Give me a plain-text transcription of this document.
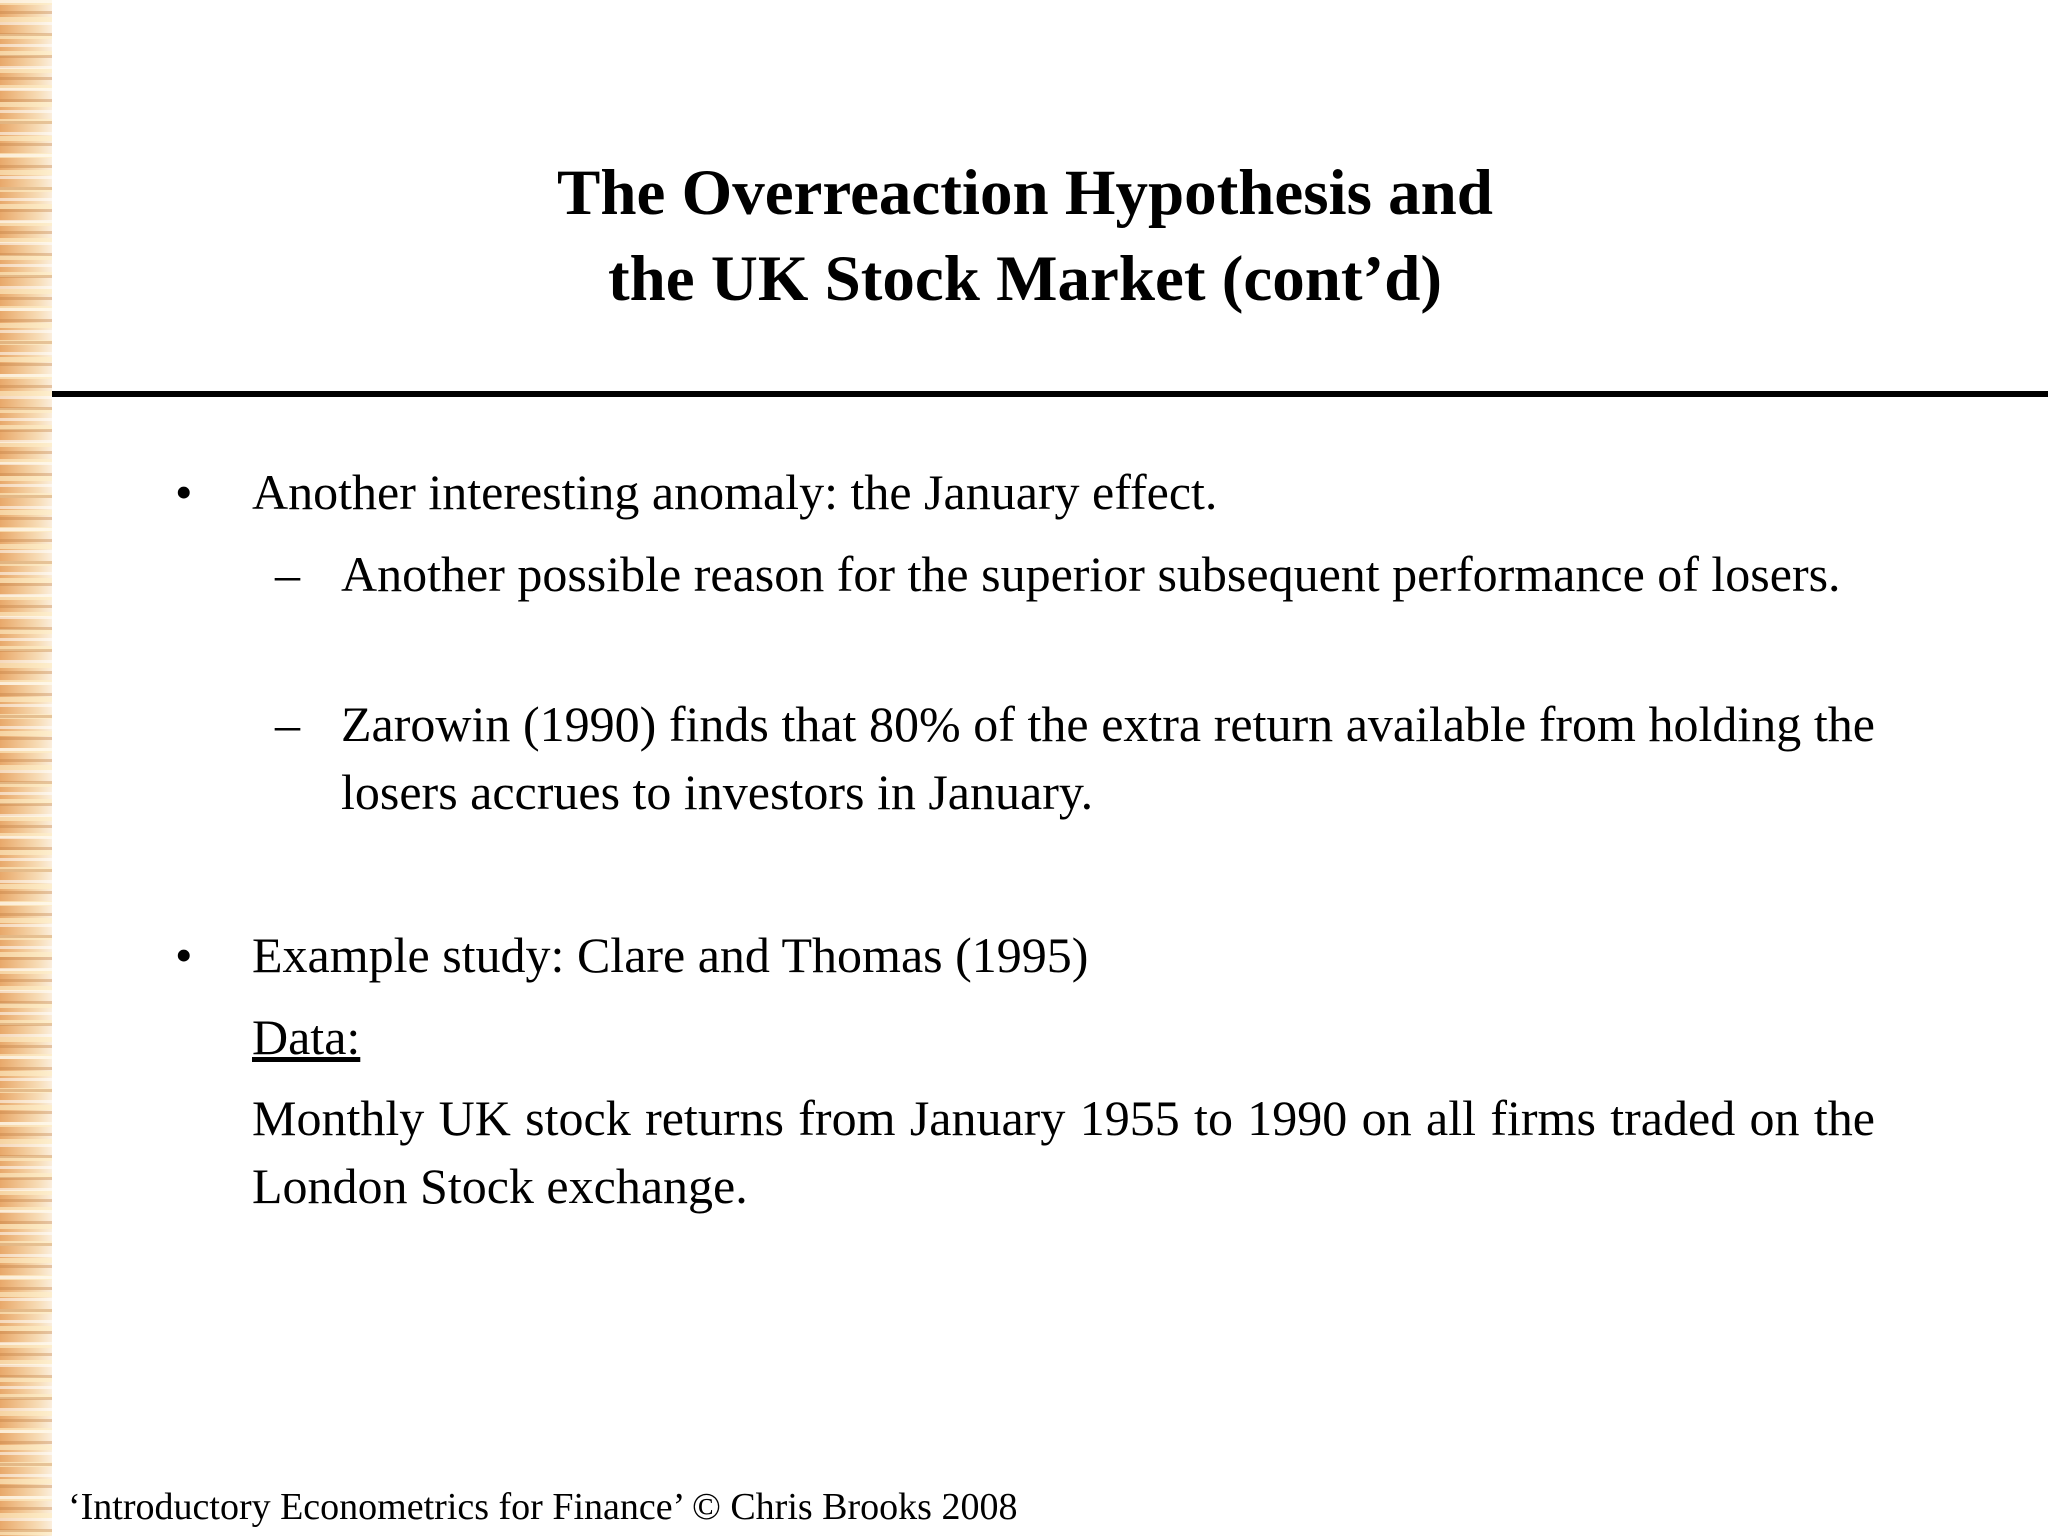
The Overreaction Hypothesis and
the UK Stock Market (cont’d)
• Another interesting anomaly: the January effect.
– Another possible reason for the superior subsequent performance of losers.
– Zarowin (1990) finds that 80% of the extra return available from holding the losers accrues to investors in January.
• Example study: Clare and Thomas (1995)
Data:
Monthly UK stock returns from January 1955 to 1990 on all firms traded on the London Stock exchange.
‘Introductory Econometrics for Finance’ © Chris Brooks 2008
